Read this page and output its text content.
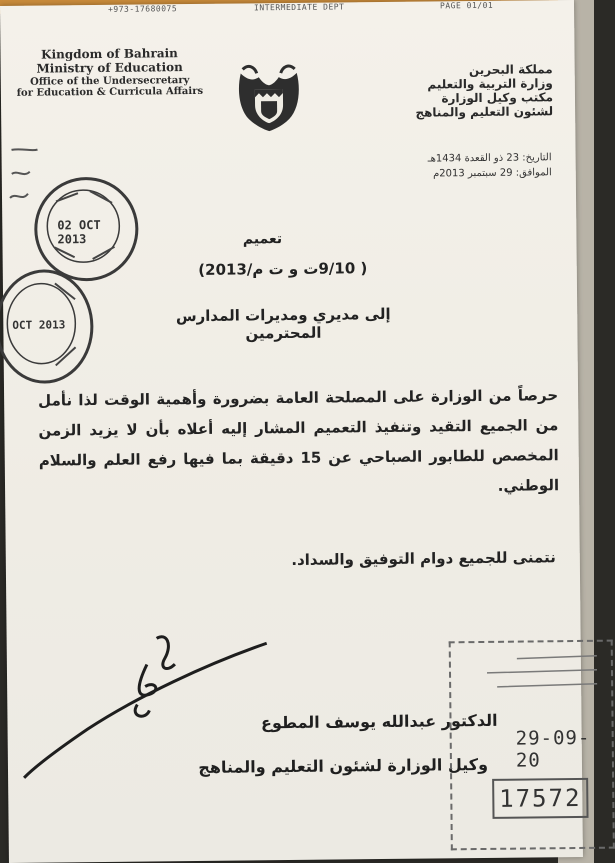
+973-17680075	INTERMEDIATE DEPT	PAGE 01/01
Kingdom of Bahrain
Ministry of Education
Office of the Undersecretary
for Education & Curricula Affairs
مملكة البحرين
وزارة التربية والتعليم
مكتب وكيل الوزارة
لشئون التعليم والمناهج
التاريخ: 23 ذو القعدة 1434هـ
الموافق: 29 سبتمبر 2013م
02 OCT 2013
OCT 2013
تعميم
( 9/10ت و ت م/2013)
إلى مديري ومديرات المدارس المحترمين
حرصاً من الوزارة على المصلحة العامة بضرورة وأهمية الوقت لذا نأمل من الجميع التقيد وتنفيذ التعميم المشار إليه أعلاه بأن لا يزيد الزمن المخصص للطابور الصباحي عن 15 دقيقة بما فيها رفع العلم والسلام الوطني.
نتمنى للجميع دوام التوفيق والسداد.
الدكتور عبدالله يوسف المطوع
وكيل الوزارة لشئون التعليم والمناهج
29-09-20
17572
